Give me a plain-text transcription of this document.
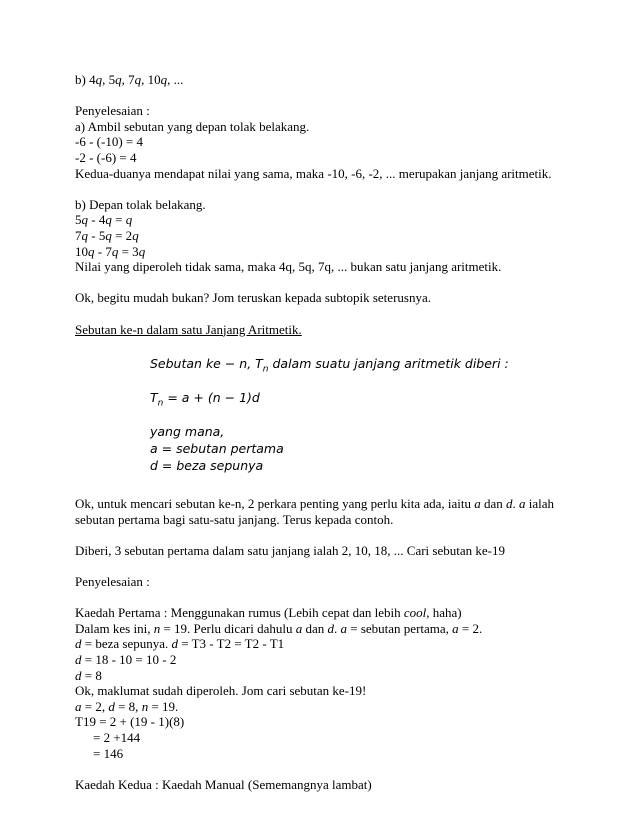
b) 4q, 5q, 7q, 10q, ...
Penyelesaian :
a) Ambil sebutan yang depan tolak belakang.
-6 - (-10) = 4
-2 - (-6) = 4
Kedua-duanya mendapat nilai yang sama, maka -10, -6, -2, ... merupakan janjang aritmetik.
b) Depan tolak belakang.
5q - 4q = q
7q - 5q = 2q
10q - 7q = 3q
Nilai yang diperoleh tidak sama, maka 4q, 5q, 7q, ... bukan satu janjang aritmetik.
Ok, begitu mudah bukan? Jom teruskan kepada subtopik seterusnya.
Sebutan ke-n dalam satu Janjang Aritmetik.
Sebutan ke − n, $T_n$ dalam suatu janjang aritmetik diberi :
$T_n = a + (n - 1)d$
yang mana,
a = sebutan pertama
d = beza sepunya
Ok, untuk mencari sebutan ke-n, 2 perkara penting yang perlu kita ada, iaitu a dan d. a ialah
sebutan pertama bagi satu-satu janjang. Terus kepada contoh.
Diberi, 3 sebutan pertama dalam satu janjang ialah 2, 10, 18, ... Cari sebutan ke-19
Penyelesaian :
Kaedah Pertama : Menggunakan rumus (Lebih cepat dan lebih cool, haha)
Dalam kes ini, n = 19. Perlu dicari dahulu a dan d. a = sebutan pertama, a = 2.
d = beza sepunya. d = T3 - T2 = T2 - T1
d = 18 - 10 = 10 - 2
d = 8
Ok, maklumat sudah diperoleh. Jom cari sebutan ke-19!
a = 2, d = 8, n = 19.
T19 = 2 + (19 - 1)(8)
= 2 +144
= 146
Kaedah Kedua : Kaedah Manual (Sememangnya lambat)
